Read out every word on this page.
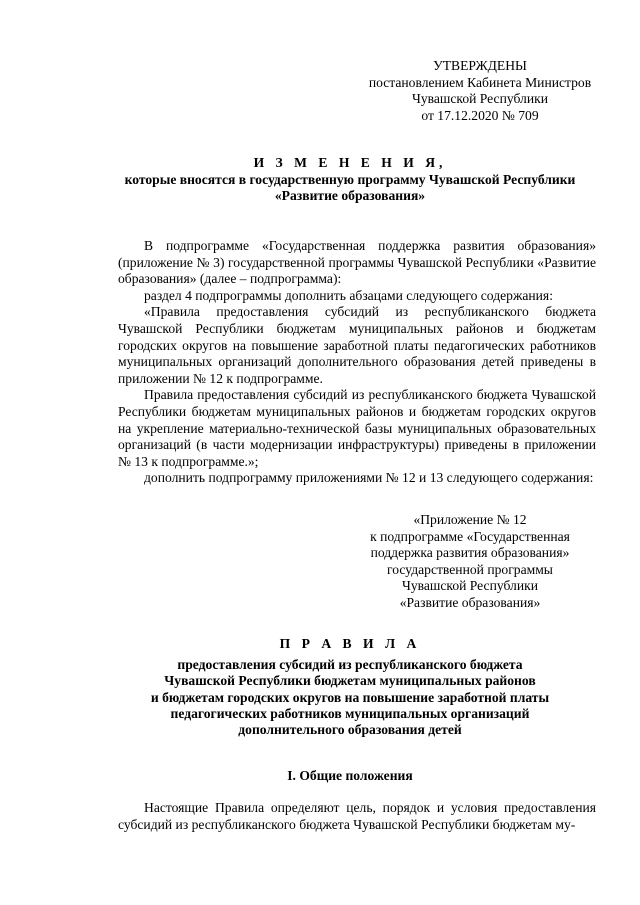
УТВЕРЖДЕНЫ
постановлением Кабинета Министров
Чувашской Республики
от 17.12.2020 № 709
И З М Е Н Е Н И Я,
которые вносятся в государственную программу Чувашской Республики
«Развитие образования»

В подпрограмме «Государственная поддержка развития образования» (приложение № 3) государственной программы Чувашской Республики «Развитие образования» (далее – подпрограмма):

раздел 4 подпрограммы дополнить абзацами следующего содержания:

«Правила предоставления субсидий из республиканского бюджета Чувашской Республики бюджетам муниципальных районов и бюджетам городских округов на повышение заработной платы педагогических работников муниципальных организаций дополнительного образования детей приведены в приложении № 12 к подпрограмме.

Правила предоставления субсидий из республиканского бюджета Чувашской Республики бюджетам муниципальных районов и бюджетам городских округов на укрепление материально-технической базы муниципальных образовательных организаций (в части модернизации инфраструктуры) приведены в приложении № 13 к подпрограмме.»;

дополнить подпрограмму приложениями № 12 и 13 следующего содержания:

«Приложение № 12
к подпрограмме «Государственная
поддержка развития образования»
государственной программы
Чувашской Республики
«Развитие образования»
П Р А В И Л А
предоставления субсидий из республиканского бюджета
Чувашской Республики бюджетам муниципальных районов
и бюджетам городских округов на повышение заработной платы
педагогических работников муниципальных организаций
дополнительного образования детей
I. Общие положения

Настоящие Правила определяют цель, порядок и условия предоставления субсидий из республиканского бюджета Чувашской Республики бюджетам му-
